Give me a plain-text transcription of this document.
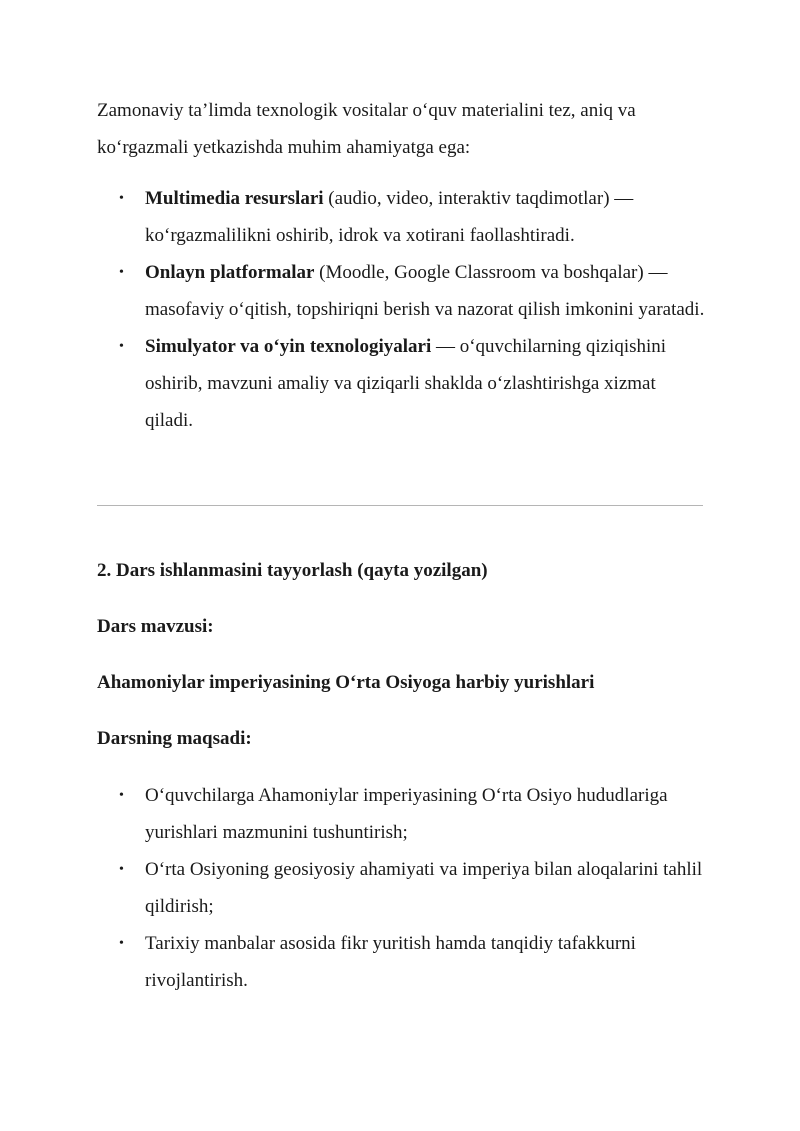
Zamonaviy ta’limda texnologik vositalar o‘quv materialini tez, aniq va ko‘rgazmali yetkazishda muhim ahamiyatga ega:

• Multimedia resurslari (audio, video, interaktiv taqdimotlar) — ko‘rgazmalilikni oshirib, idrok va xotirani faollashtiradi.
• Onlayn platformalar (Moodle, Google Classroom va boshqalar) — masofaviy o‘qitish, topshiriqni berish va nazorat qilish imkonini yaratadi.
• Simulyator va o‘yin texnologiyalari — o‘quvchilarning qiziqishini oshirib, mavzuni amaliy va qiziqarli shaklda o‘zlashtirishga xizmat qiladi.

2. Dars ishlanmasini tayyorlash (qayta yozilgan)

Dars mavzusi:

Ahamoniylar imperiyasining O‘rta Osiyoga harbiy yurishlari

Darsning maqsadi:

• O‘quvchilarga Ahamoniylar imperiyasining O‘rta Osiyo hududlariga yurishlari mazmunini tushuntirish;
• O‘rta Osiyoning geosiyosiy ahamiyati va imperiya bilan aloqalarini tahlil qildirish;
• Tarixiy manbalar asosida fikr yuritish hamda tanqidiy tafakkurni rivojlantirish.
